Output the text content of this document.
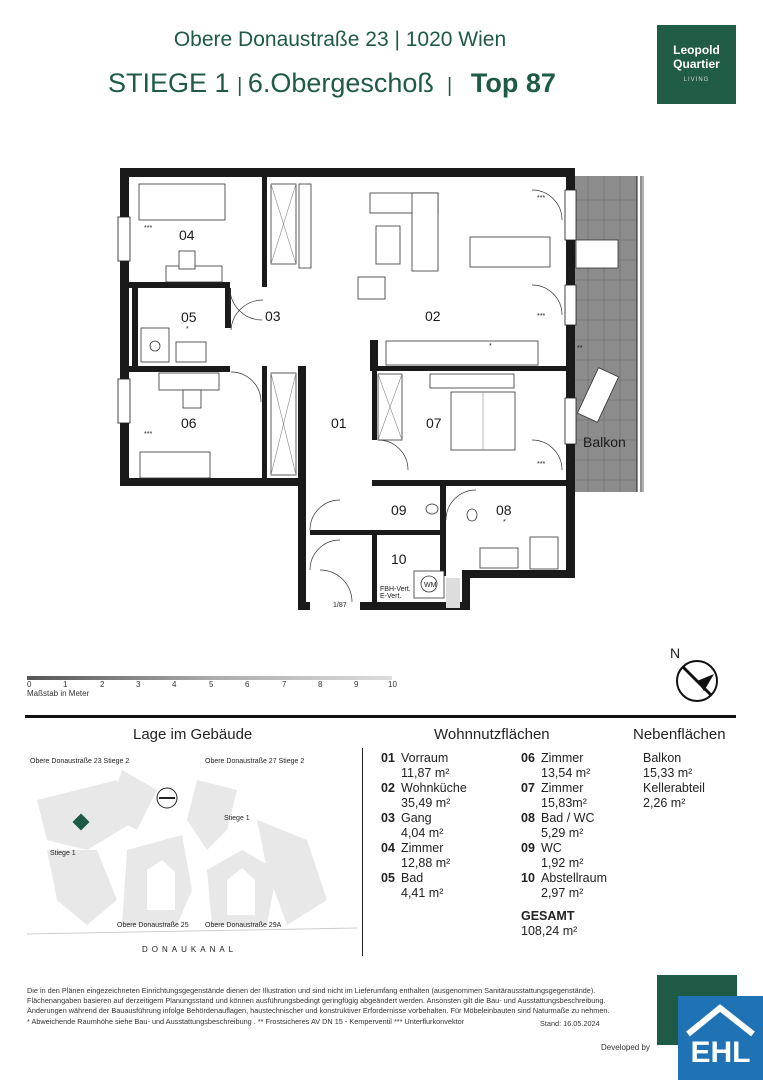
Obere Donaustraße 23 | 1020 Wien
STIEGE 1 | 6.Obergeschoß  |   Top 87
Leopold
Quartier
LIVING
04
05	03	02
06	01	07
09	08
10
Balkon
***
***
***
***
***
**
*
*
*
1/87
FBH-Vert.
E-Vert.
WM
0	1	2	3	4	5	6	7	8	9	10
Maßstab in Meter
N
Lage im Gebäude
Obere Donaustraße 23 Stiege 2	Obere Donaustraße 27 Stiege 2
Stiege 1
Stiege 1
Obere Donaustraße 25 Obere Donaustraße 29A
DONAUKANAL
Wohnnutzflächen
01 Vorraum
11,87 m²
02 Wohnküche
35,49 m²
03 Gang
4,04 m²
04 Zimmer
12,88 m²
05 Bad
4,41 m²
06 Zimmer
13,54 m²
07 Zimmer
15,83m²
08 Bad / WC
5,29 m²
09 WC
1,92 m²
10 Abstellraum
2,97 m²
GESAMT
108,24 m²
Nebenflächen
Balkon
15,33 m²
Kellerabteil
2,26 m²
Die in den Plänen eingezeichneten Einrichtungsgegenstände dienen der Illustration und sind nicht im Lieferumfang enthalten (ausgenommen Sanitärausstattungsgegenstände).
Flächenangaben basieren auf derzeitigem Planungsstand und können ausführungsbedingt geringfügig abgeändert werden. Ansonsten gilt die Bau- und Ausstattungsbeschreibung.
Änderungen während der Bauausführung infolge Behördenauflagen, haustechnischer und konstruktiver Erfordernisse vorbehalten. Für Möbeleinbauten sind Naturmaße zu nehmen.
* Abweichende Raumhöhe siehe Bau- und Ausstattungsbeschreibung . ** Frostsicheres AV DN 15 - Kemperventil *** Unterflurkonvektor	Stand: 16.05.2024
Developed by	EHL
